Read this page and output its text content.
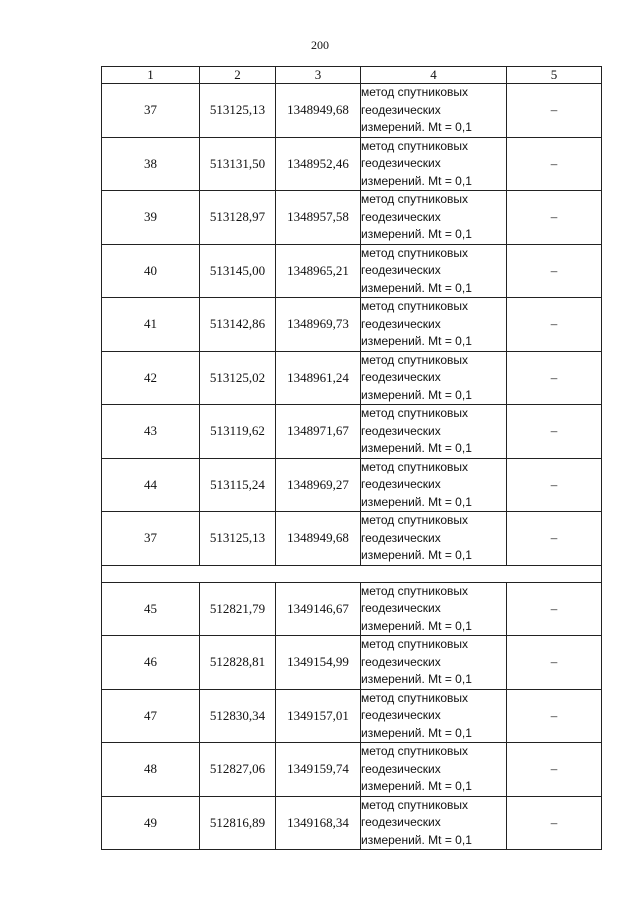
200
1	2	3	4	5
37	513125,13	1348949,68	метод спутниковых
геодезических
измерений. Mt = 0,1	–
38	513131,50	1348952,46	метод спутниковых
геодезических
измерений. Mt = 0,1	–
39	513128,97	1348957,58	метод спутниковых
геодезических
измерений. Mt = 0,1	–
40	513145,00	1348965,21	метод спутниковых
геодезических
измерений. Mt = 0,1	–
41	513142,86	1348969,73	метод спутниковых
геодезических
измерений. Mt = 0,1	–
42	513125,02	1348961,24	метод спутниковых
геодезических
измерений. Mt = 0,1	–
43	513119,62	1348971,67	метод спутниковых
геодезических
измерений. Mt = 0,1	–
44	513115,24	1348969,27	метод спутниковых
геодезических
измерений. Mt = 0,1	–
37	513125,13	1348949,68	метод спутниковых
геодезических
измерений. Mt = 0,1	–

45	512821,79	1349146,67	метод спутниковых
геодезических
измерений. Mt = 0,1	–
46	512828,81	1349154,99	метод спутниковых
геодезических
измерений. Mt = 0,1	–
47	512830,34	1349157,01	метод спутниковых
геодезических
измерений. Mt = 0,1	–
48	512827,06	1349159,74	метод спутниковых
геодезических
измерений. Mt = 0,1	–
49	512816,89	1349168,34	метод спутниковых
геодезических
измерений. Mt = 0,1	–
